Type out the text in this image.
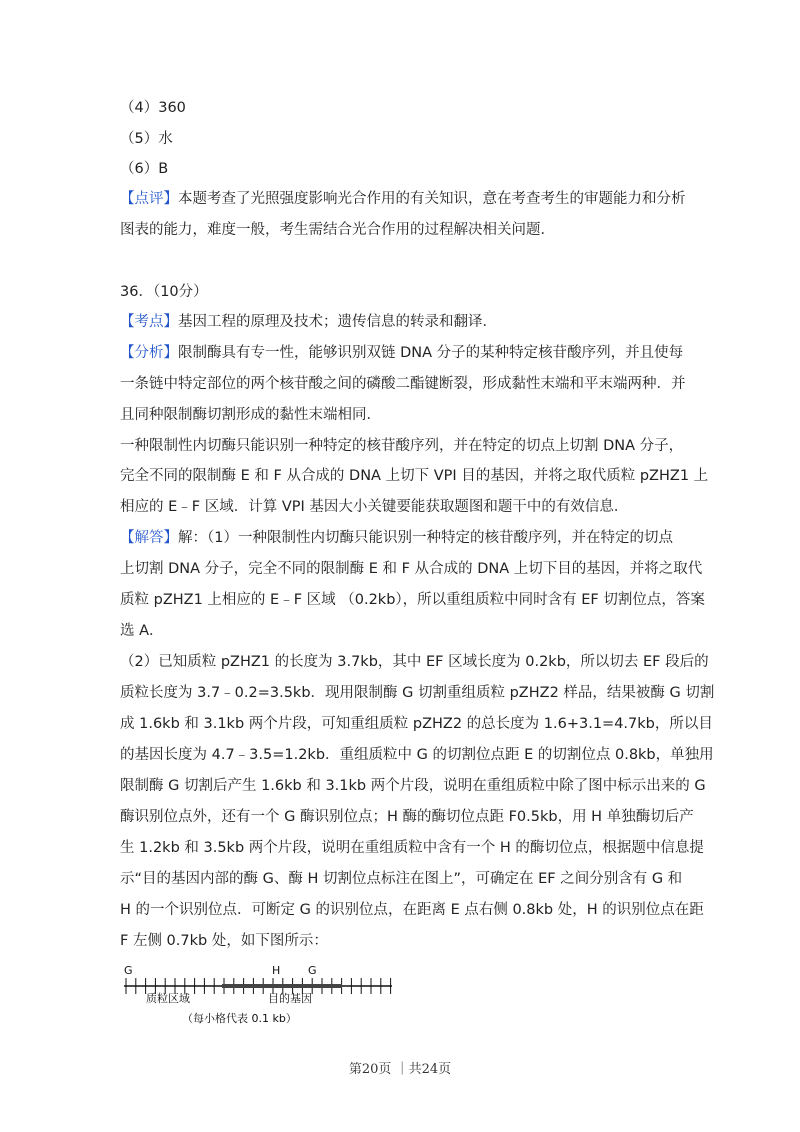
（4）360
（5）水
（6）B
【点评】本题考查了光照强度影响光合作用的有关知识，意在考查考生的审题能力和分析
图表的能力，难度一般，考生需结合光合作用的过程解决相关问题．
36．（10分）
【考点】基因工程的原理及技术；遗传信息的转录和翻译．
【分析】限制酶具有专一性，能够识别双链 DNA 分子的某种特定核苷酸序列，并且使每
一条链中特定部位的两个核苷酸之间的磷酸二酯键断裂，形成黏性末端和平末端两种．并
且同种限制酶切割形成的黏性末端相同．
一种限制性内切酶只能识别一种特定的核苷酸序列，并在特定的切点上切割 DNA 分子，
完全不同的限制酶 E 和 F 从合成的 DNA 上切下 VPI 目的基因，并将之取代质粒 pZHZ1 上
相应的 E﹣F 区域．计算 VPI 基因大小关键要能获取题图和题干中的有效信息．
【解答】解：（1）一种限制性内切酶只能识别一种特定的核苷酸序列，并在特定的切点
上切割 DNA 分子，完全不同的限制酶 E 和 F 从合成的 DNA 上切下目的基因，并将之取代
质粒 pZHZ1 上相应的 E﹣F 区域 （0.2kb），所以重组质粒中同时含有 EF 切割位点，答案
选 A．
（2）已知质粒 pZHZ1 的长度为 3.7kb，其中 EF 区域长度为 0.2kb，所以切去 EF 段后的
质粒长度为 3.7﹣0.2=3.5kb．现用限制酶 G 切割重组质粒 pZHZ2 样品，结果被酶 G 切割
成 1.6kb 和 3.1kb 两个片段，可知重组质粒 pZHZ2 的总长度为 1.6+3.1=4.7kb，所以目
的基因长度为 4.7﹣3.5=1.2kb．重组质粒中 G 的切割位点距 E 的切割位点 0.8kb，单独用
限制酶 G 切割后产生 1.6kb 和 3.1kb 两个片段，说明在重组质粒中除了图中标示出来的 G
酶识别位点外，还有一个 G 酶识别位点；H 酶的酶切位点距 F0.5kb，用 H 单独酶切后产
生 1.2kb 和 3.5kb 两个片段，说明在重组质粒中含有一个 H 的酶切位点，根据题中信息提
示“目的基因内部的酶 G、酶 H 切割位点标注在图上”，可确定在 EF 之间分别含有 G 和
H 的一个识别位点．可断定 G 的识别位点，在距离 E 点右侧 0.8kb 处，H 的识别位点在距
F 左侧 0.7kb 处，如下图所示：
G	H	G
质粒区域	目的基因
（每小格代表 0.1 kb）
第20页 ｜共24页
